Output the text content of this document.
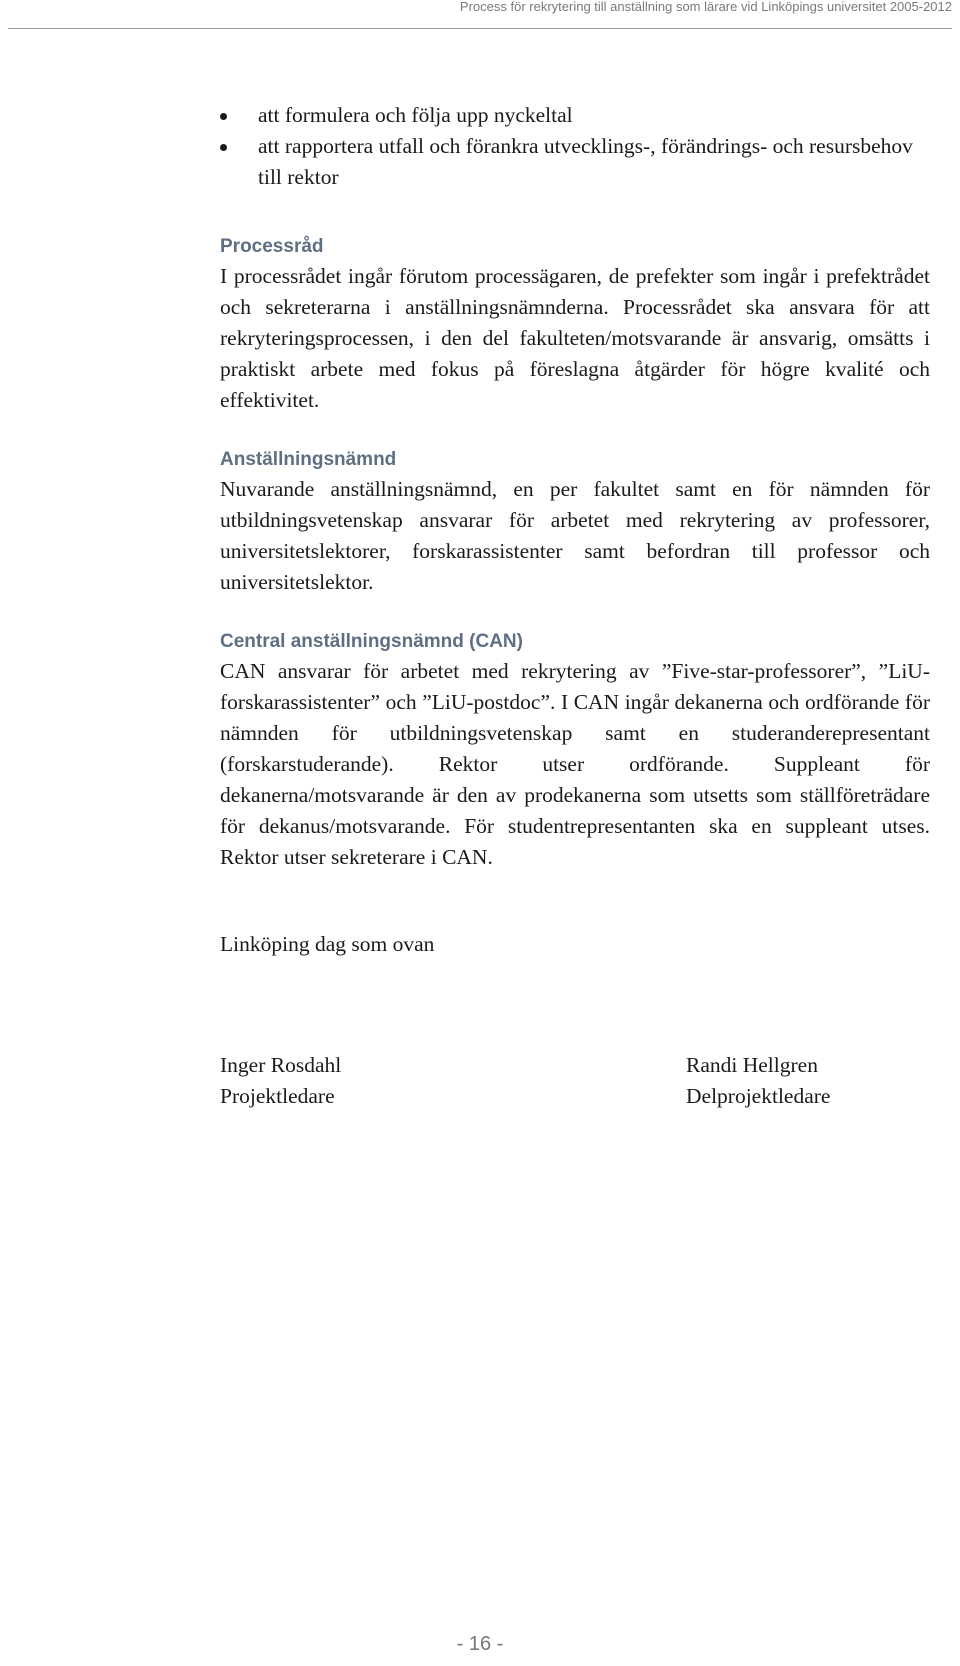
Process för rekrytering till anställning som lärare vid Linköpings universitet 2005-2012
att formulera och följa upp nyckeltal
att rapportera utfall och förankra utvecklings-, förändrings- och resursbehov till rektor
Processråd

I processrådet ingår förutom processägaren, de prefekter som ingår i prefektrådet och sekreterarna i anställningsnämnderna. Processrådet ska ansvara för att rekryteringsprocessen, i den del fakulteten/motsvarande är ansvarig, omsätts i praktiskt arbete med fokus på föreslagna åtgärder för högre kvalité och effektivitet.

Anställningsnämnd

Nuvarande anställningsnämnd, en per fakultet samt en för nämnden för utbildningsvetenskap ansvarar för arbetet med rekrytering av professorer, universitetslektorer, forskarassistenter samt befordran till professor och universitetslektor.

Central anställningsnämnd (CAN)

CAN ansvarar för arbetet med rekrytering av ”Five-star-professorer”, ”LiU-forskarassistenter” och ”LiU-postdoc”. I CAN ingår dekanerna och ordförande för nämnden för utbildningsvetenskap samt en studeranderepresentant (forskarstuderande). Rektor utser ordförande. Suppleant för dekanerna/motsvarande är den av prodekanerna som utsetts som ställföreträdare för dekanus/motsvarande. För studentrepresentanten ska en suppleant utses. Rektor utser sekreterare i CAN.

Linköping dag som ovan

Inger Rosdahl
Projektledare
Randi Hellgren
Delprojektledare
- 16 -
